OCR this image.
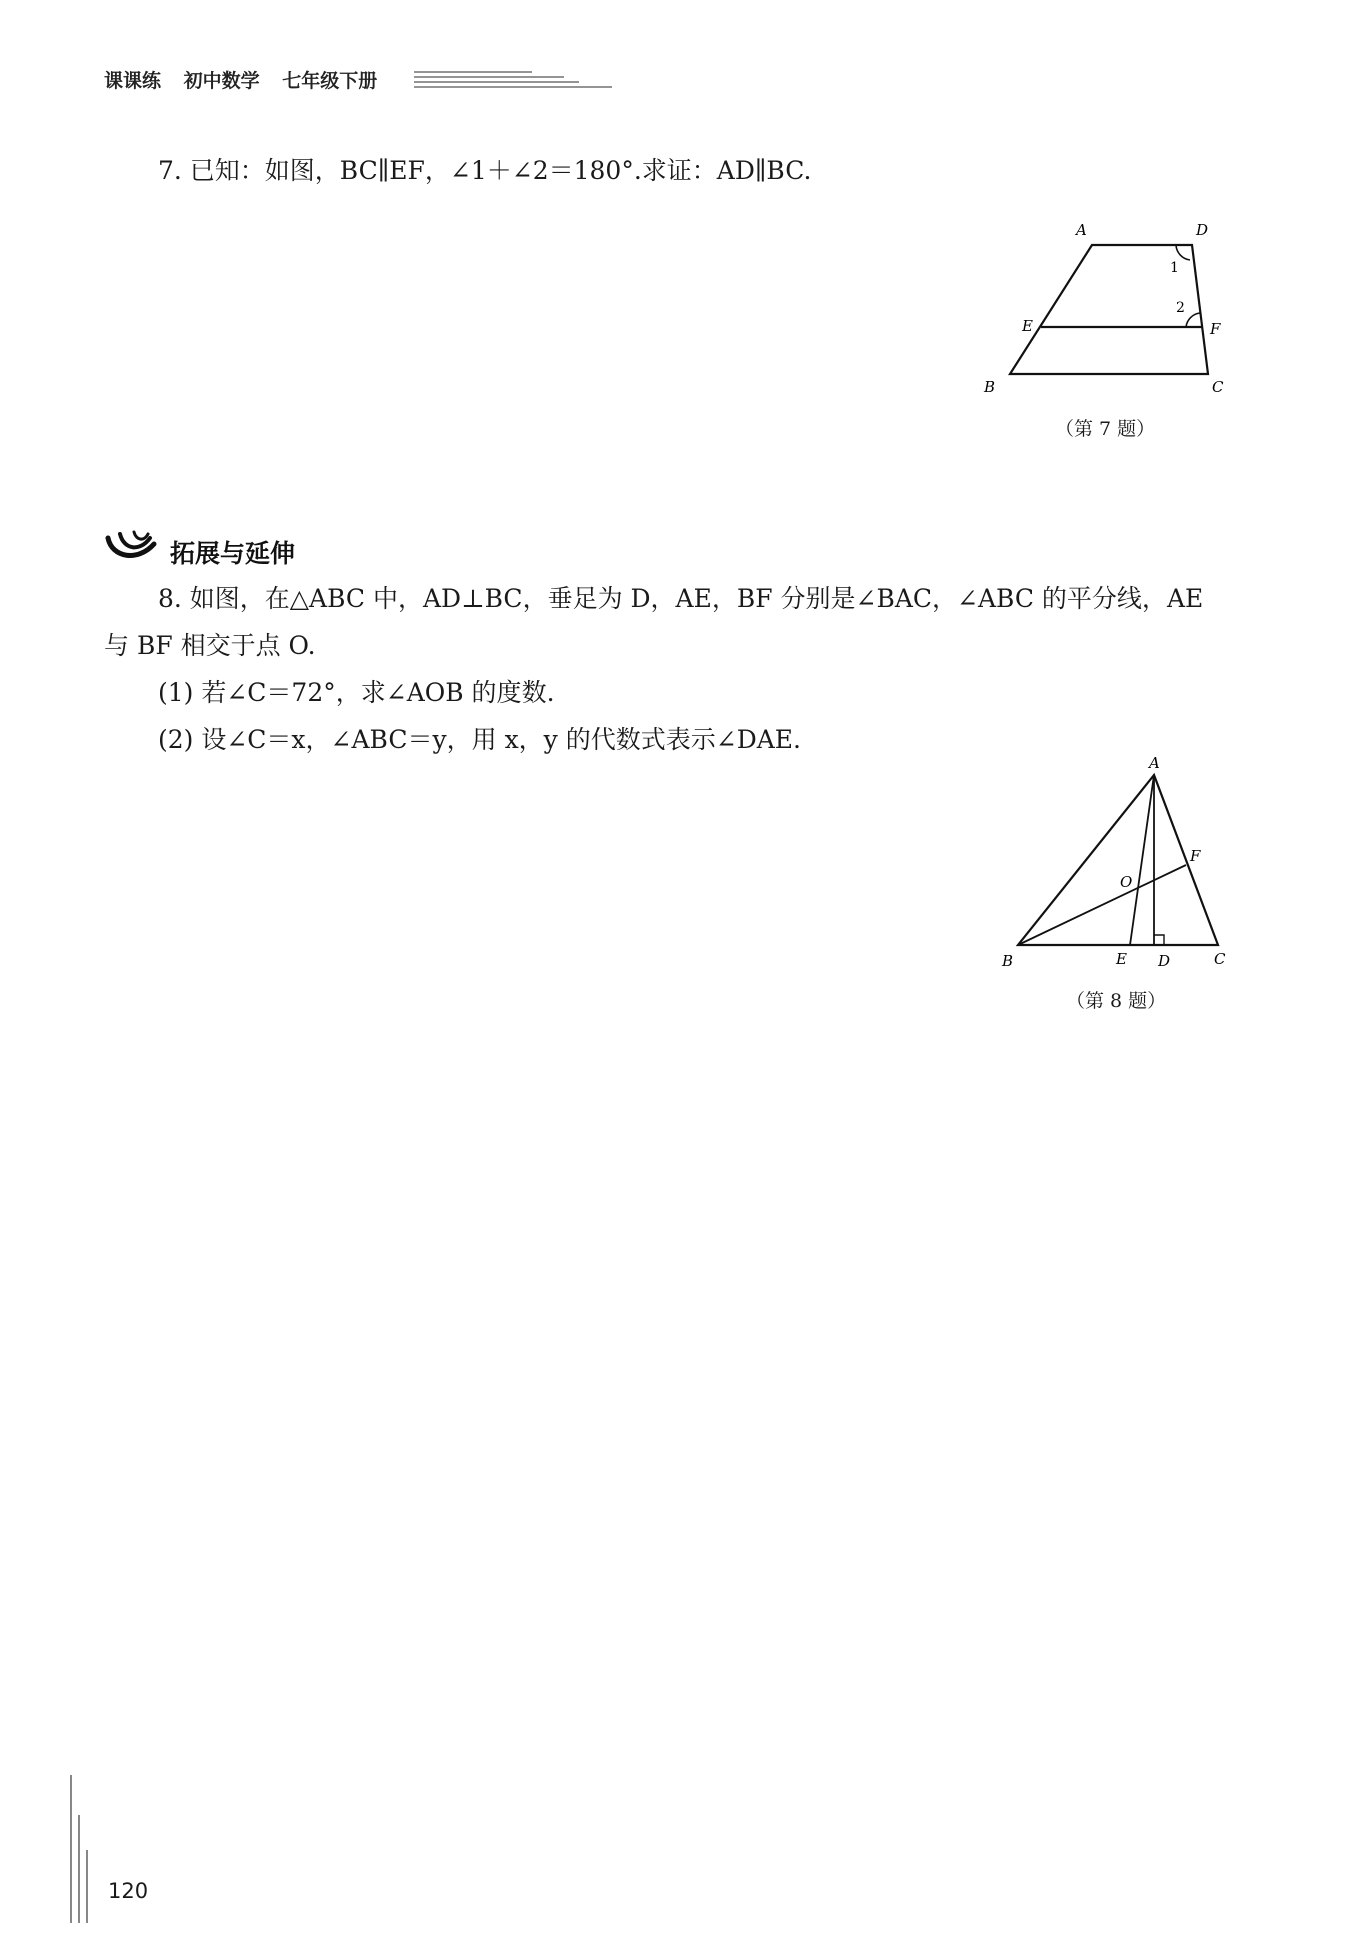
课课练 初中数学 七年级下册
7. 已知：如图，BC∥EF，∠1＋∠2＝180°.求证：AD∥BC.
A	D
1
2
E	F
B	C
（第 7 题）
拓展与延伸
8. 如图，在△ABC 中，AD⊥BC，垂足为 D，AE，BF 分别是∠BAC，∠ABC 的平分线，AE
与 BF 相交于点 O.
(1) 若∠C＝72°，求∠AOB 的度数.
(2) 设∠C＝x，∠ABC＝y，用 x，y 的代数式表示∠DAE.
A
F
O
B	E D	C
（第 8 题）
120
